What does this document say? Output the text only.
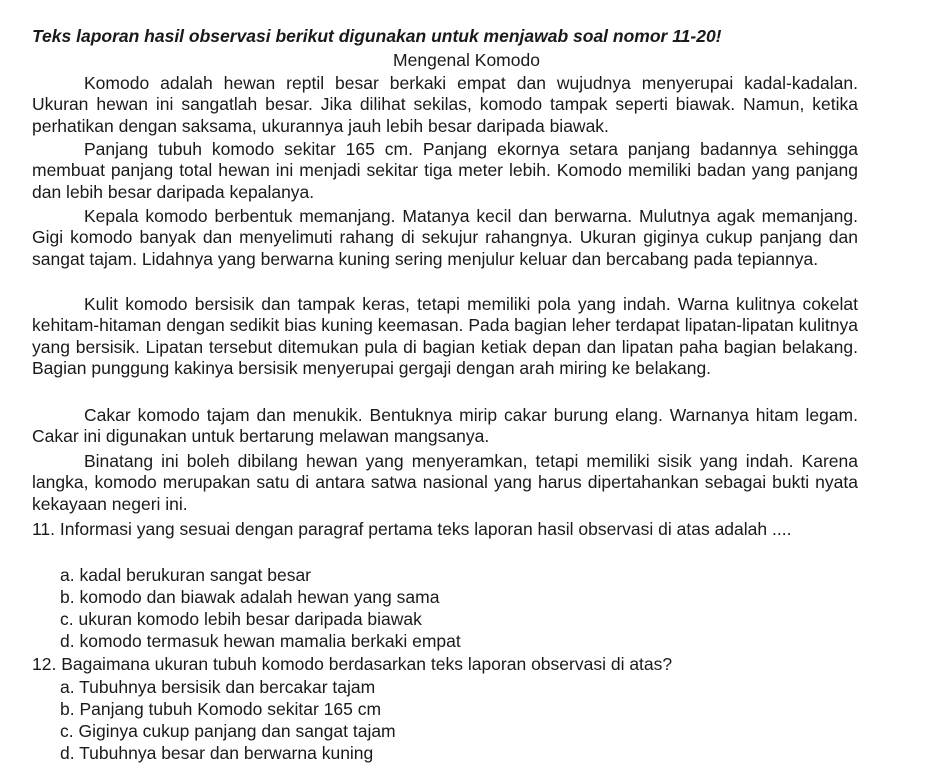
Teks laporan hasil observasi berikut digunakan untuk menjawab soal nomor 11-20!
Mengenal Komodo
Komodo adalah hewan reptil besar berkaki empat dan wujudnya menyerupai kadal-kadalan. Ukuran hewan ini sangatlah besar. Jika dilihat sekilas, komodo tampak seperti biawak. Namun, ketika perhatikan dengan saksama, ukurannya jauh lebih besar daripada biawak.
Panjang tubuh komodo sekitar 165 cm. Panjang ekornya setara panjang badannya sehingga membuat panjang total hewan ini menjadi sekitar tiga meter lebih. Komodo memiliki badan yang panjang dan lebih besar daripada kepalanya.
Kepala komodo berbentuk memanjang. Matanya kecil dan berwarna. Mulutnya agak memanjang. Gigi komodo banyak dan menyelimuti rahang di sekujur rahangnya. Ukuran giginya cukup panjang dan sangat tajam. Lidahnya yang berwarna kuning sering menjulur keluar dan bercabang pada tepiannya.
Kulit komodo bersisik dan tampak keras, tetapi memiliki pola yang indah. Warna kulitnya cokelat kehitam-hitaman dengan sedikit bias kuning keemasan. Pada bagian leher terdapat lipatan-lipatan kulitnya yang bersisik. Lipatan tersebut ditemukan pula di bagian ketiak depan dan lipatan paha bagian belakang. Bagian punggung kakinya bersisik menyerupai gergaji dengan arah miring ke belakang.
Cakar komodo tajam dan menukik. Bentuknya mirip cakar burung elang. Warnanya hitam legam. Cakar ini digunakan untuk bertarung melawan mangsanya.
Binatang ini boleh dibilang hewan yang menyeramkan, tetapi memiliki sisik yang indah. Karena langka, komodo merupakan satu di antara satwa nasional yang harus dipertahankan sebagai bukti nyata kekayaan negeri ini.
11. Informasi yang sesuai dengan paragraf pertama teks laporan hasil observasi di atas adalah ....
a. kadal berukuran sangat besar
b. komodo dan biawak adalah hewan yang sama
c. ukuran komodo lebih besar daripada biawak
d. komodo termasuk hewan mamalia berkaki empat
12. Bagaimana ukuran tubuh komodo berdasarkan teks laporan observasi di atas?
a. Tubuhnya bersisik dan bercakar tajam
b. Panjang tubuh Komodo sekitar 165 cm
c. Giginya cukup panjang dan sangat tajam
d. Tubuhnya besar dan berwarna kuning
